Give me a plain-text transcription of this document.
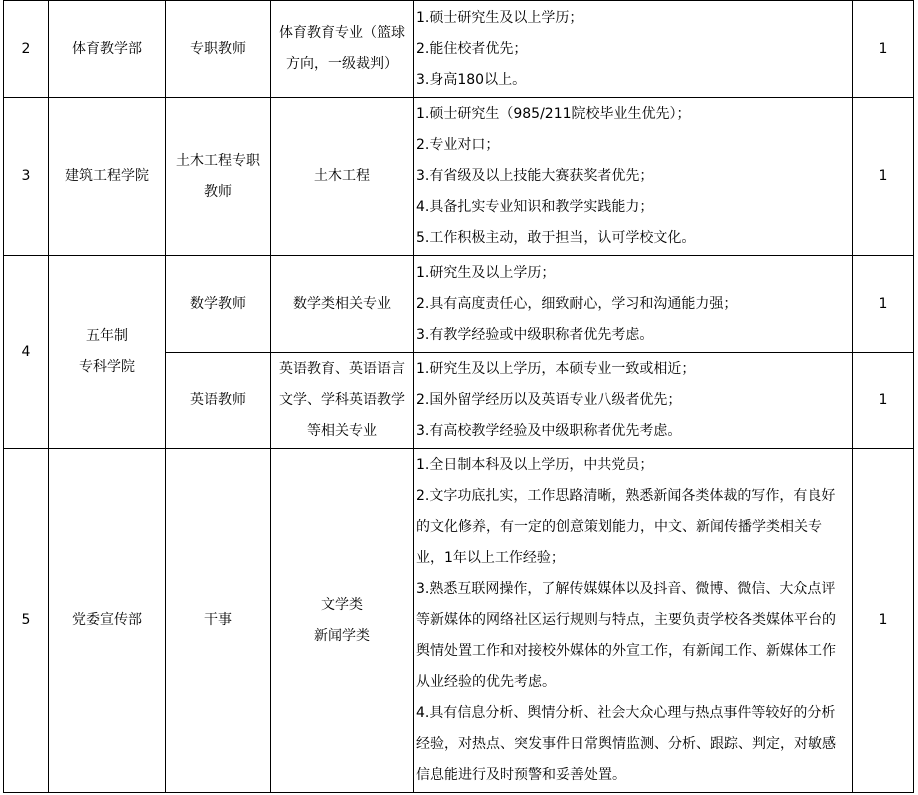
2	体育教学部	专职教师	体育教育专业（篮球
方向，一级裁判）	1.硕士研究生及以上学历；
2.能住校者优先；
3.身高180以上。	1
3	建筑工程学院	土木工程专职
教师	土木工程	1.硕士研究生（985/211院校毕业生优先）；
2.专业对口；
3.有省级及以上技能大赛获奖者优先；
4.具备扎实专业知识和教学实践能力；
5.工作积极主动，敢于担当，认可学校文化。	1
4	五年制
专科学院	数学教师	数学类相关专业	1.研究生及以上学历；
2.具有高度责任心，细致耐心，学习和沟通能力强；
3.有教学经验或中级职称者优先考虑。	1

		英语教师	英语教育、英语语言
文学、学科英语教学
等相关专业	1.研究生及以上学历，本硕专业一致或相近；
2.国外留学经历以及英语专业八级者优先；
3.有高校教学经验及中级职称者优先考虑。	1
5	党委宣传部	干事	文学类
新闻学类	1.全日制本科及以上学历，中共党员；
2.文字功底扎实，工作思路清晰，熟悉新闻各类体裁的写作，有良好的文化修养，有一定的创意策划能力，中文、新闻传播学类相关专业，1年以上工作经验；
3.熟悉互联网操作，了解传媒媒体以及抖音、微博、微信、大众点评等新媒体的网络社区运行规则与特点，主要负责学校各类媒体平台的舆情处置工作和对接校外媒体的外宣工作，有新闻工作、新媒体工作从业经验的优先考虑。
4.具有信息分析、舆情分析、社会大众心理与热点事件等较好的分析经验，对热点、突发事件日常舆情监测、分析、跟踪、判定，对敏感信息能进行及时预警和妥善处置。	1
